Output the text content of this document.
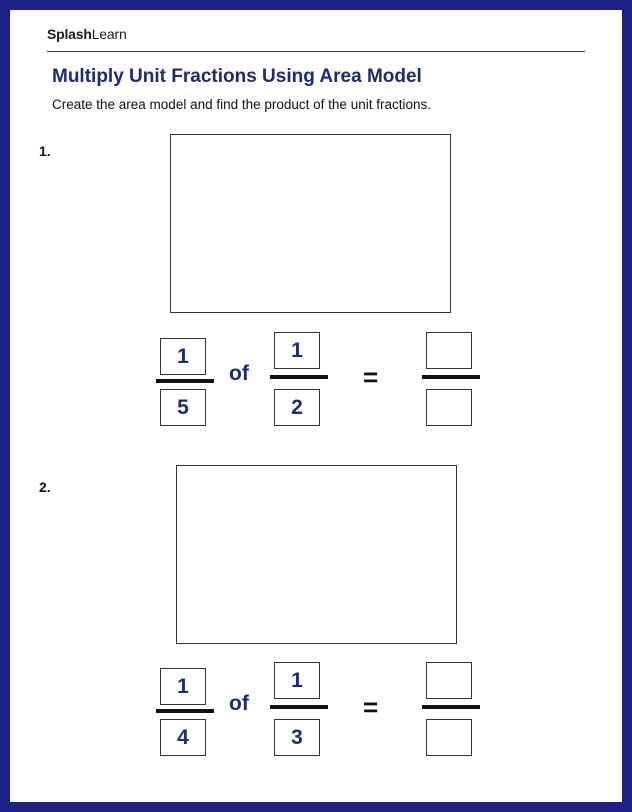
SplashLearn
Multiply Unit Fractions Using Area Model
Create the area model and find the product of the unit fractions.
1.
1
5
of
1
2
=
2.
1
4
of
1
3
=
